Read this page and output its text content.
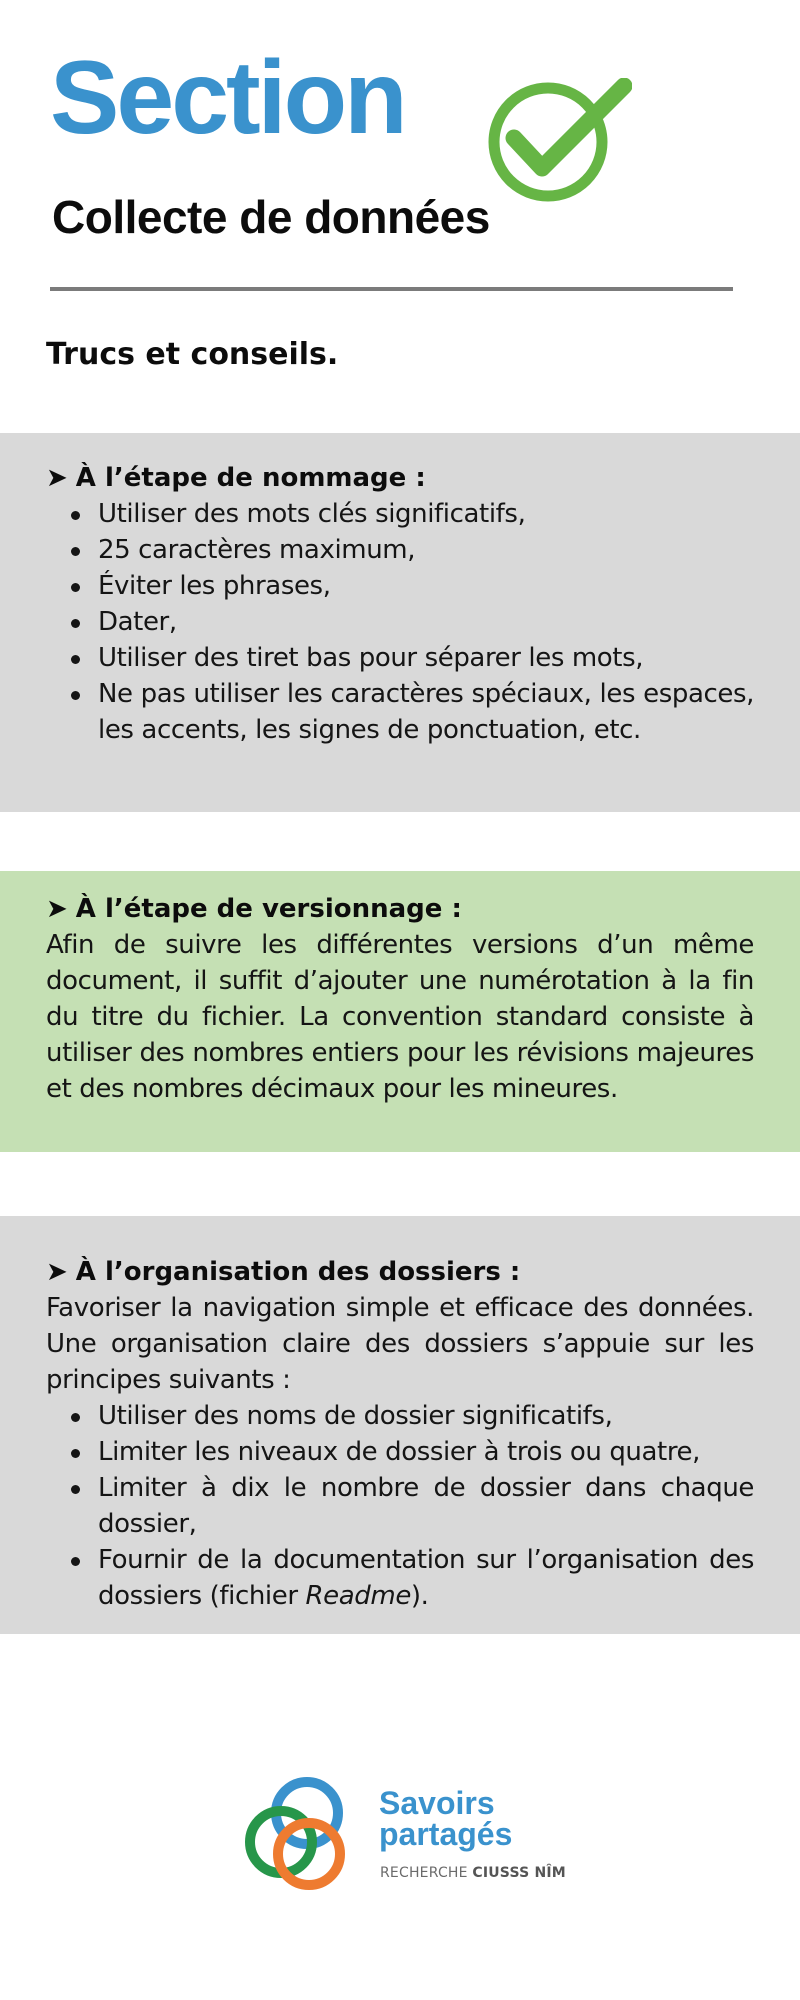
Section
Collecte de données
Trucs et conseils.
➤ À l’étape de nommage :
Utiliser des mots clés significatifs,
25 caractères maximum,
Éviter les phrases,
Dater,
Utiliser des tiret bas pour séparer les mots,
Ne pas utiliser les caractères spéciaux, les espaces, les accents, les signes de ponctuation, etc.
➤ À l’étape de versionnage :

Afin de suivre les différentes versions d’un même document, il suffit d’ajouter une numérotation à la fin du titre du fichier. La convention standard consiste à utiliser des nombres entiers pour les révisions majeures et des nombres décimaux pour les mineures.

➤ À l’organisation des dossiers :

Favoriser la navigation simple et efficace des données. Une organisation claire des dossiers s’appuie sur les principes suivants :

Utiliser des noms de dossier significatifs,
Limiter les niveaux de dossier à trois ou quatre,
Limiter à dix le nombre de dossier dans chaque dossier,
Fournir de la documentation sur l’organisation des dossiers (fichier Readme).
Savoirs
partagés
RECHERCHE CIUSSS NÎM
